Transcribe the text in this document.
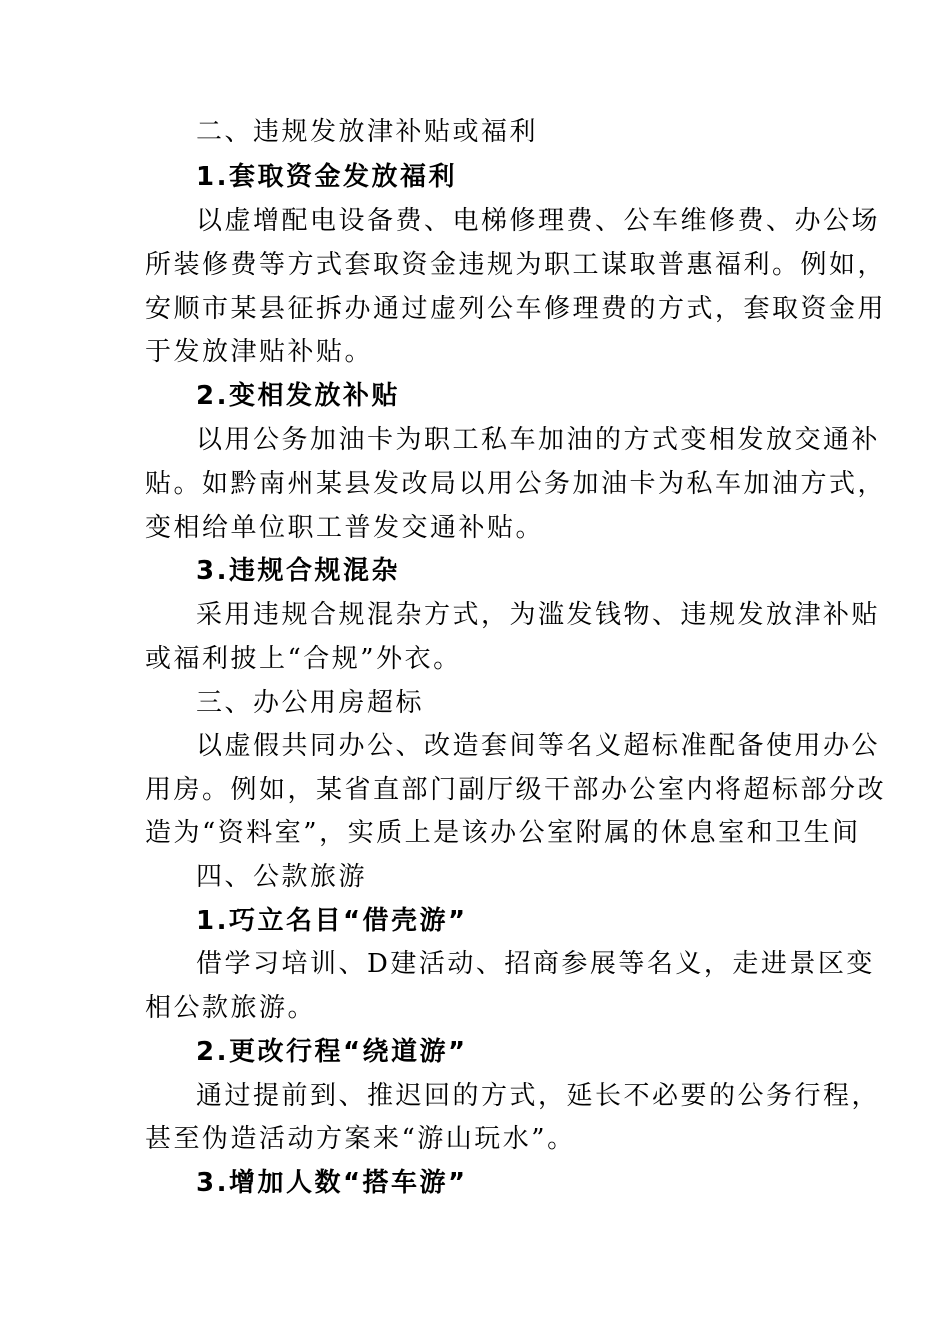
二、违规发放津补贴或福利
1.套取资金发放福利
以虚增配电设备费、电梯修理费、公车维修费、办公场
所装修费等方式套取资金违规为职工谋取普惠福利。例如，
安顺市某县征拆办通过虚列公车修理费的方式，套取资金用
于发放津贴补贴。
2.变相发放补贴
以用公务加油卡为职工私车加油的方式变相发放交通补
贴。如黔南州某县发改局以用公务加油卡为私车加油方式，
变相给单位职工普发交通补贴。
3.违规合规混杂
采用违规合规混杂方式，为滥发钱物、违规发放津补贴
或福利披上“合规”外衣。
三、办公用房超标
以虚假共同办公、改造套间等名义超标准配备使用办公
用房。例如，某省直部门副厅级干部办公室内将超标部分改
造为“资料室”，实质上是该办公室附属的休息室和卫生间
四、公款旅游
1.巧立名目“借壳游”
借学习培训、D建活动、招商参展等名义，走进景区变
相公款旅游。
2.更改行程“绕道游”
通过提前到、推迟回的方式，延长不必要的公务行程，
甚至伪造活动方案来“游山玩水”。
3.增加人数“搭车游”
